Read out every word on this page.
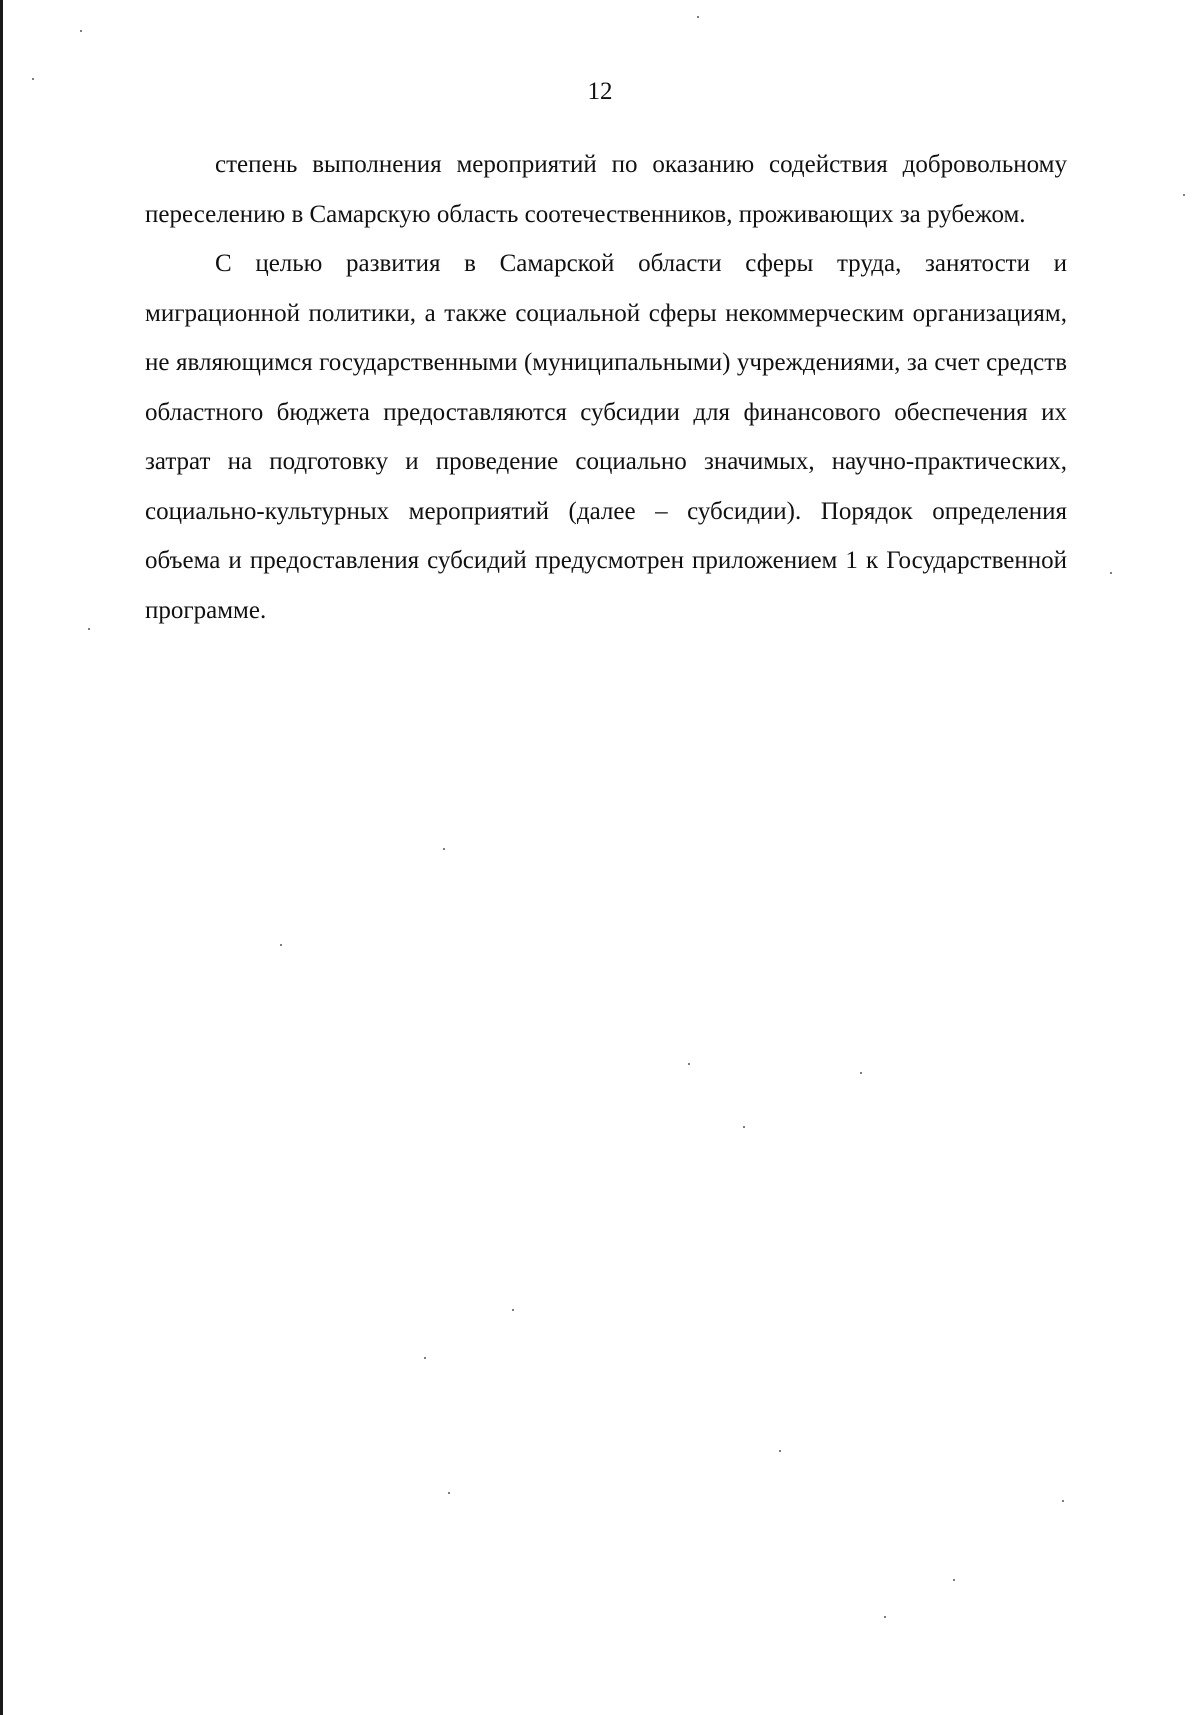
12

степень выполнения мероприятий по оказанию содействия добровольному переселению в Самарскую область соотечественников, проживающих за рубежом.

С целью развития в Самарской области сферы труда, занятости и миграционной политики, а также социальной сферы некоммерческим организациям, не являющимся государственными (муниципальными) учреждениями, за счет средств областного бюджета предоставляются субсидии для финансового обеспечения их затрат на подготовку и проведение социально значимых, научно-практических, социально-культурных мероприятий (далее – субсидии). Порядок определения объема и предоставления субсидий предусмотрен приложением 1 к Государственной программе.
